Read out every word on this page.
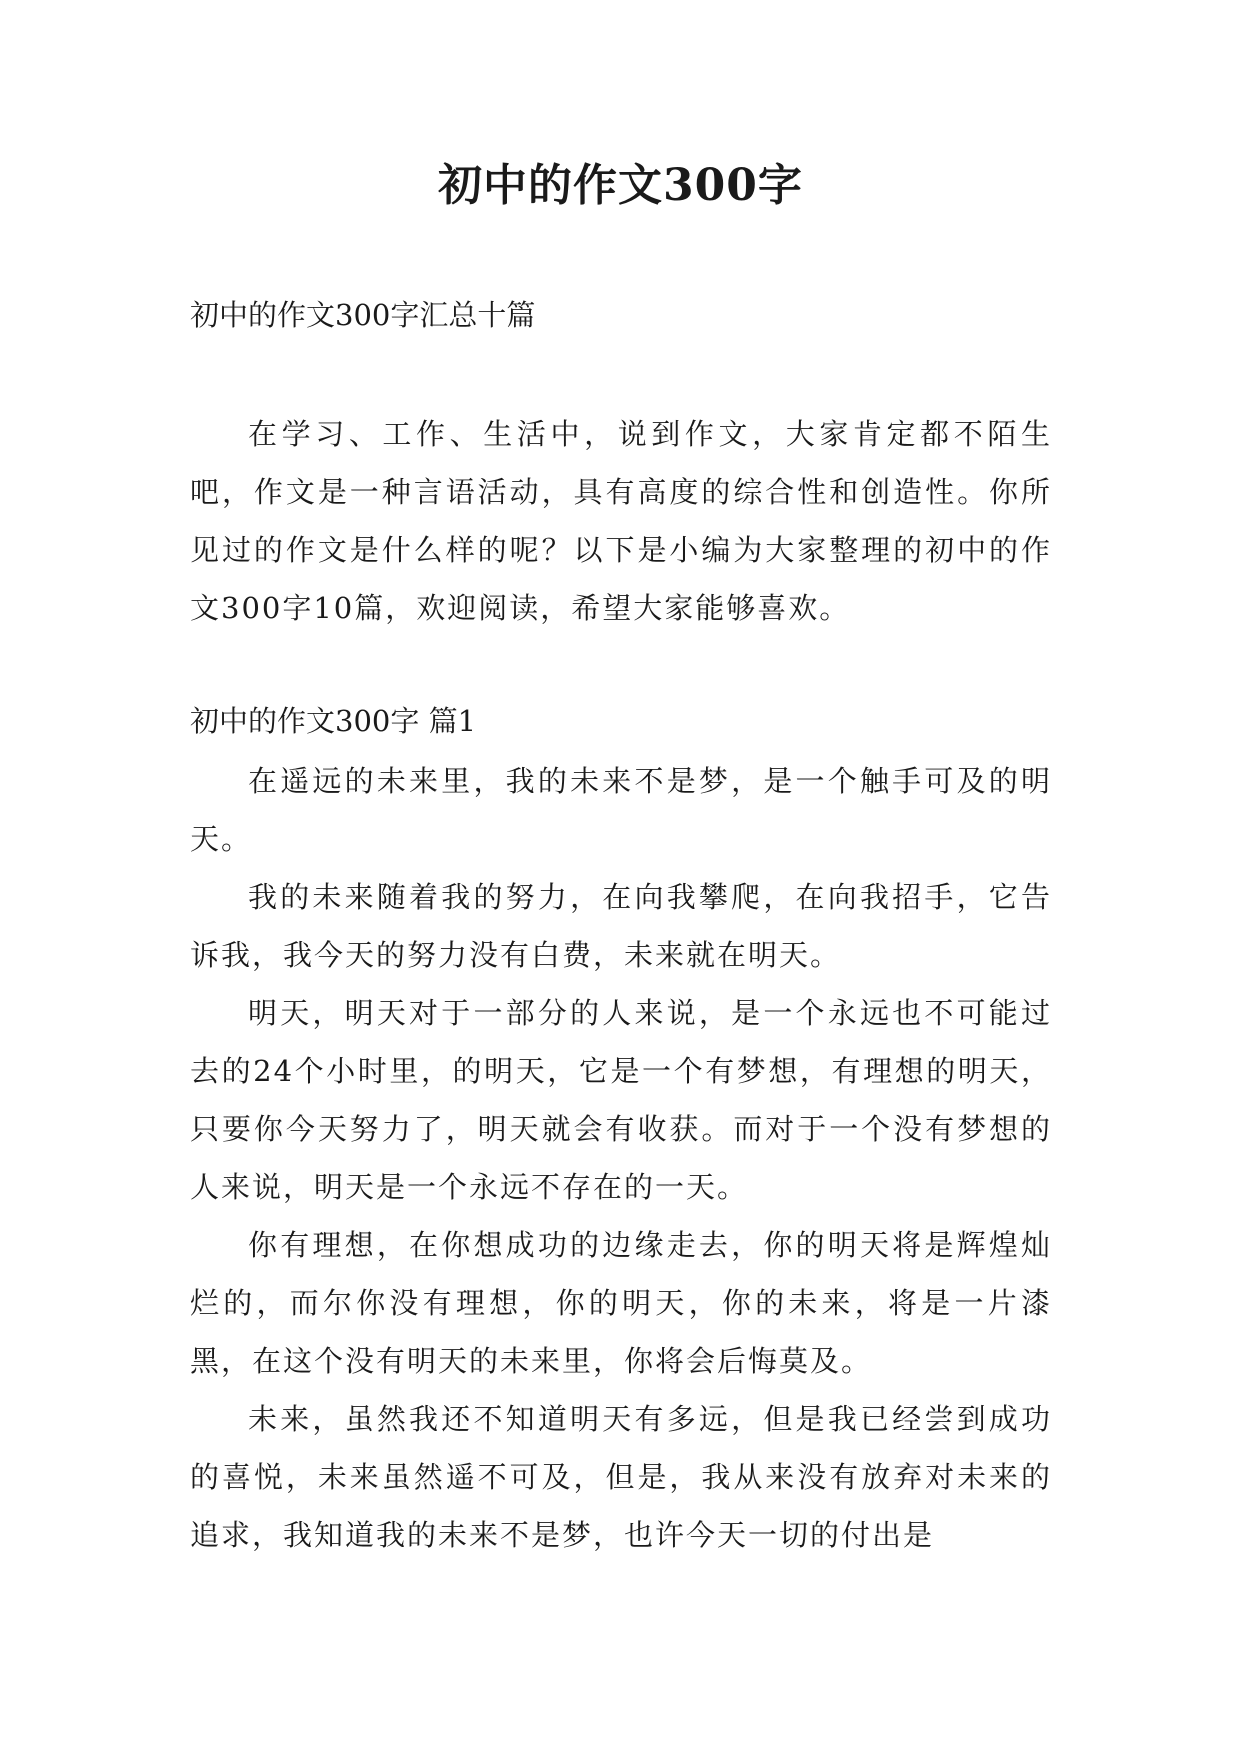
初中的作文300字
初中的作文300字汇总十篇

在学习、工作、生活中，说到作文，大家肯定都不陌生吧，作文是一种言语活动，具有高度的综合性和创造性。你所见过的作文是什么样的呢？以下是小编为大家整理的初中的作文300字10篇，欢迎阅读，希望大家能够喜欢。

初中的作文300字 篇1

在遥远的未来里，我的未来不是梦，是一个触手可及的明天。

我的未来随着我的努力，在向我攀爬，在向我招手，它告诉我，我今天的努力没有白费，未来就在明天。

明天，明天对于一部分的人来说，是一个永远也不可能过去的24个小时里，的明天，它是一个有梦想，有理想的明天，只要你今天努力了，明天就会有收获。而对于一个没有梦想的人来说，明天是一个永远不存在的一天。

你有理想，在你想成功的边缘走去，你的明天将是辉煌灿烂的，而尔你没有理想，你的明天，你的未来，将是一片漆黑，在这个没有明天的未来里，你将会后悔莫及。

未来，虽然我还不知道明天有多远，但是我已经尝到成功的喜悦，未来虽然遥不可及，但是，我从来没有放弃对未来的追求，我知道我的未来不是梦，也许今天一切的付出是
